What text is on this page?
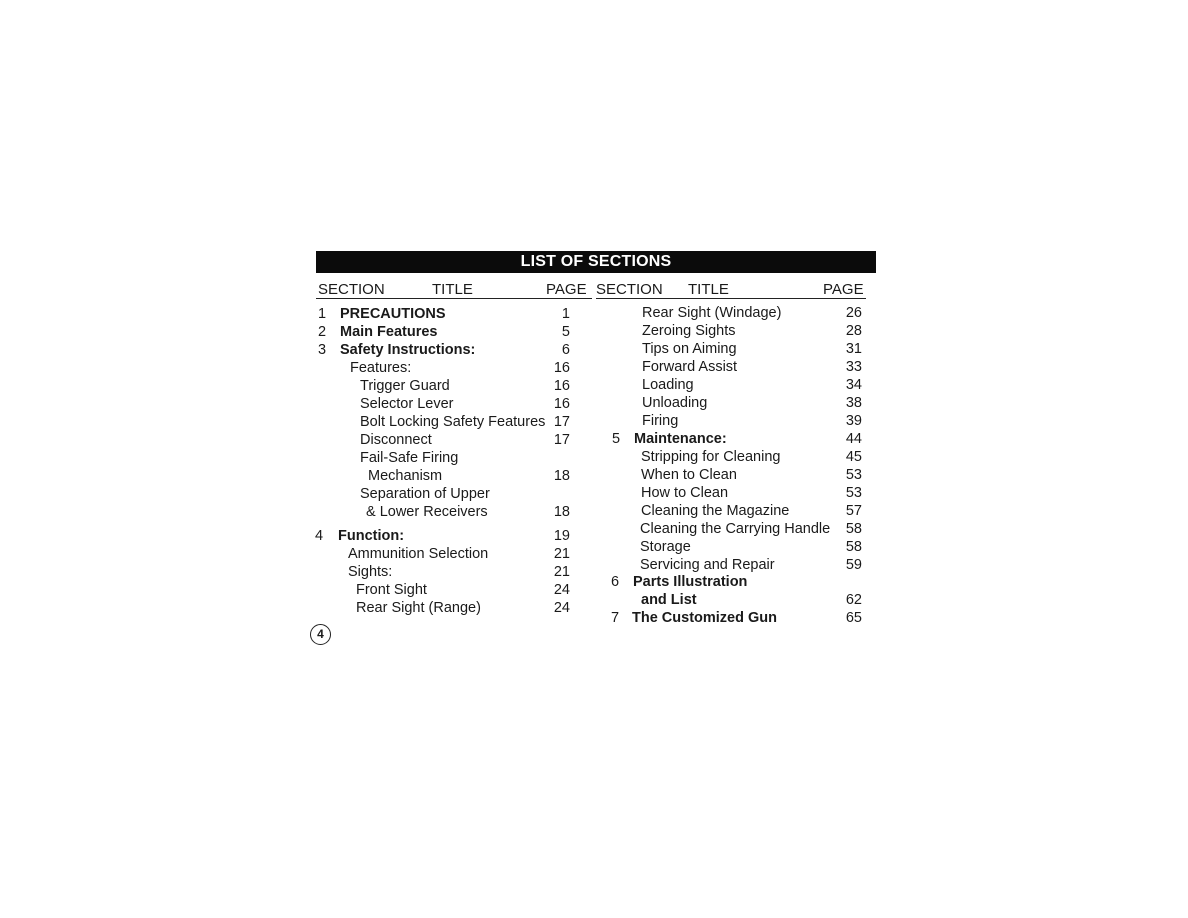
LIST OF SECTIONS
SECTION	TITLE	PAGE SECTION TITLE	PAGE
1 PRECAUTIONS	1
2 Main Features	5
3 Safety Instructions:	6
Features:	16
Trigger Guard	16
Selector Lever	16
Bolt Locking Safety Features 17
Disconnect	17
Fail-Safe Firing
Mechanism	18
Separation of Upper
& Lower Receivers	18
4 Function:	19
Ammunition Selection	21
Sights:	21
Front Sight	24
Rear Sight (Range)	24
Rear Sight (Windage)	26
Zeroing Sights	28
Tips on Aiming	31
Forward Assist	33
Loading	34
Unloading	38
Firing	39
5 Maintenance:	44
Stripping for Cleaning	45
When to Clean	53
How to Clean	53
Cleaning the Magazine	57
Cleaning the Carrying Handle	58
Storage	58
Servicing and Repair	59
6 Parts Illustration
and List	62
7 The Customized Gun	65
4
